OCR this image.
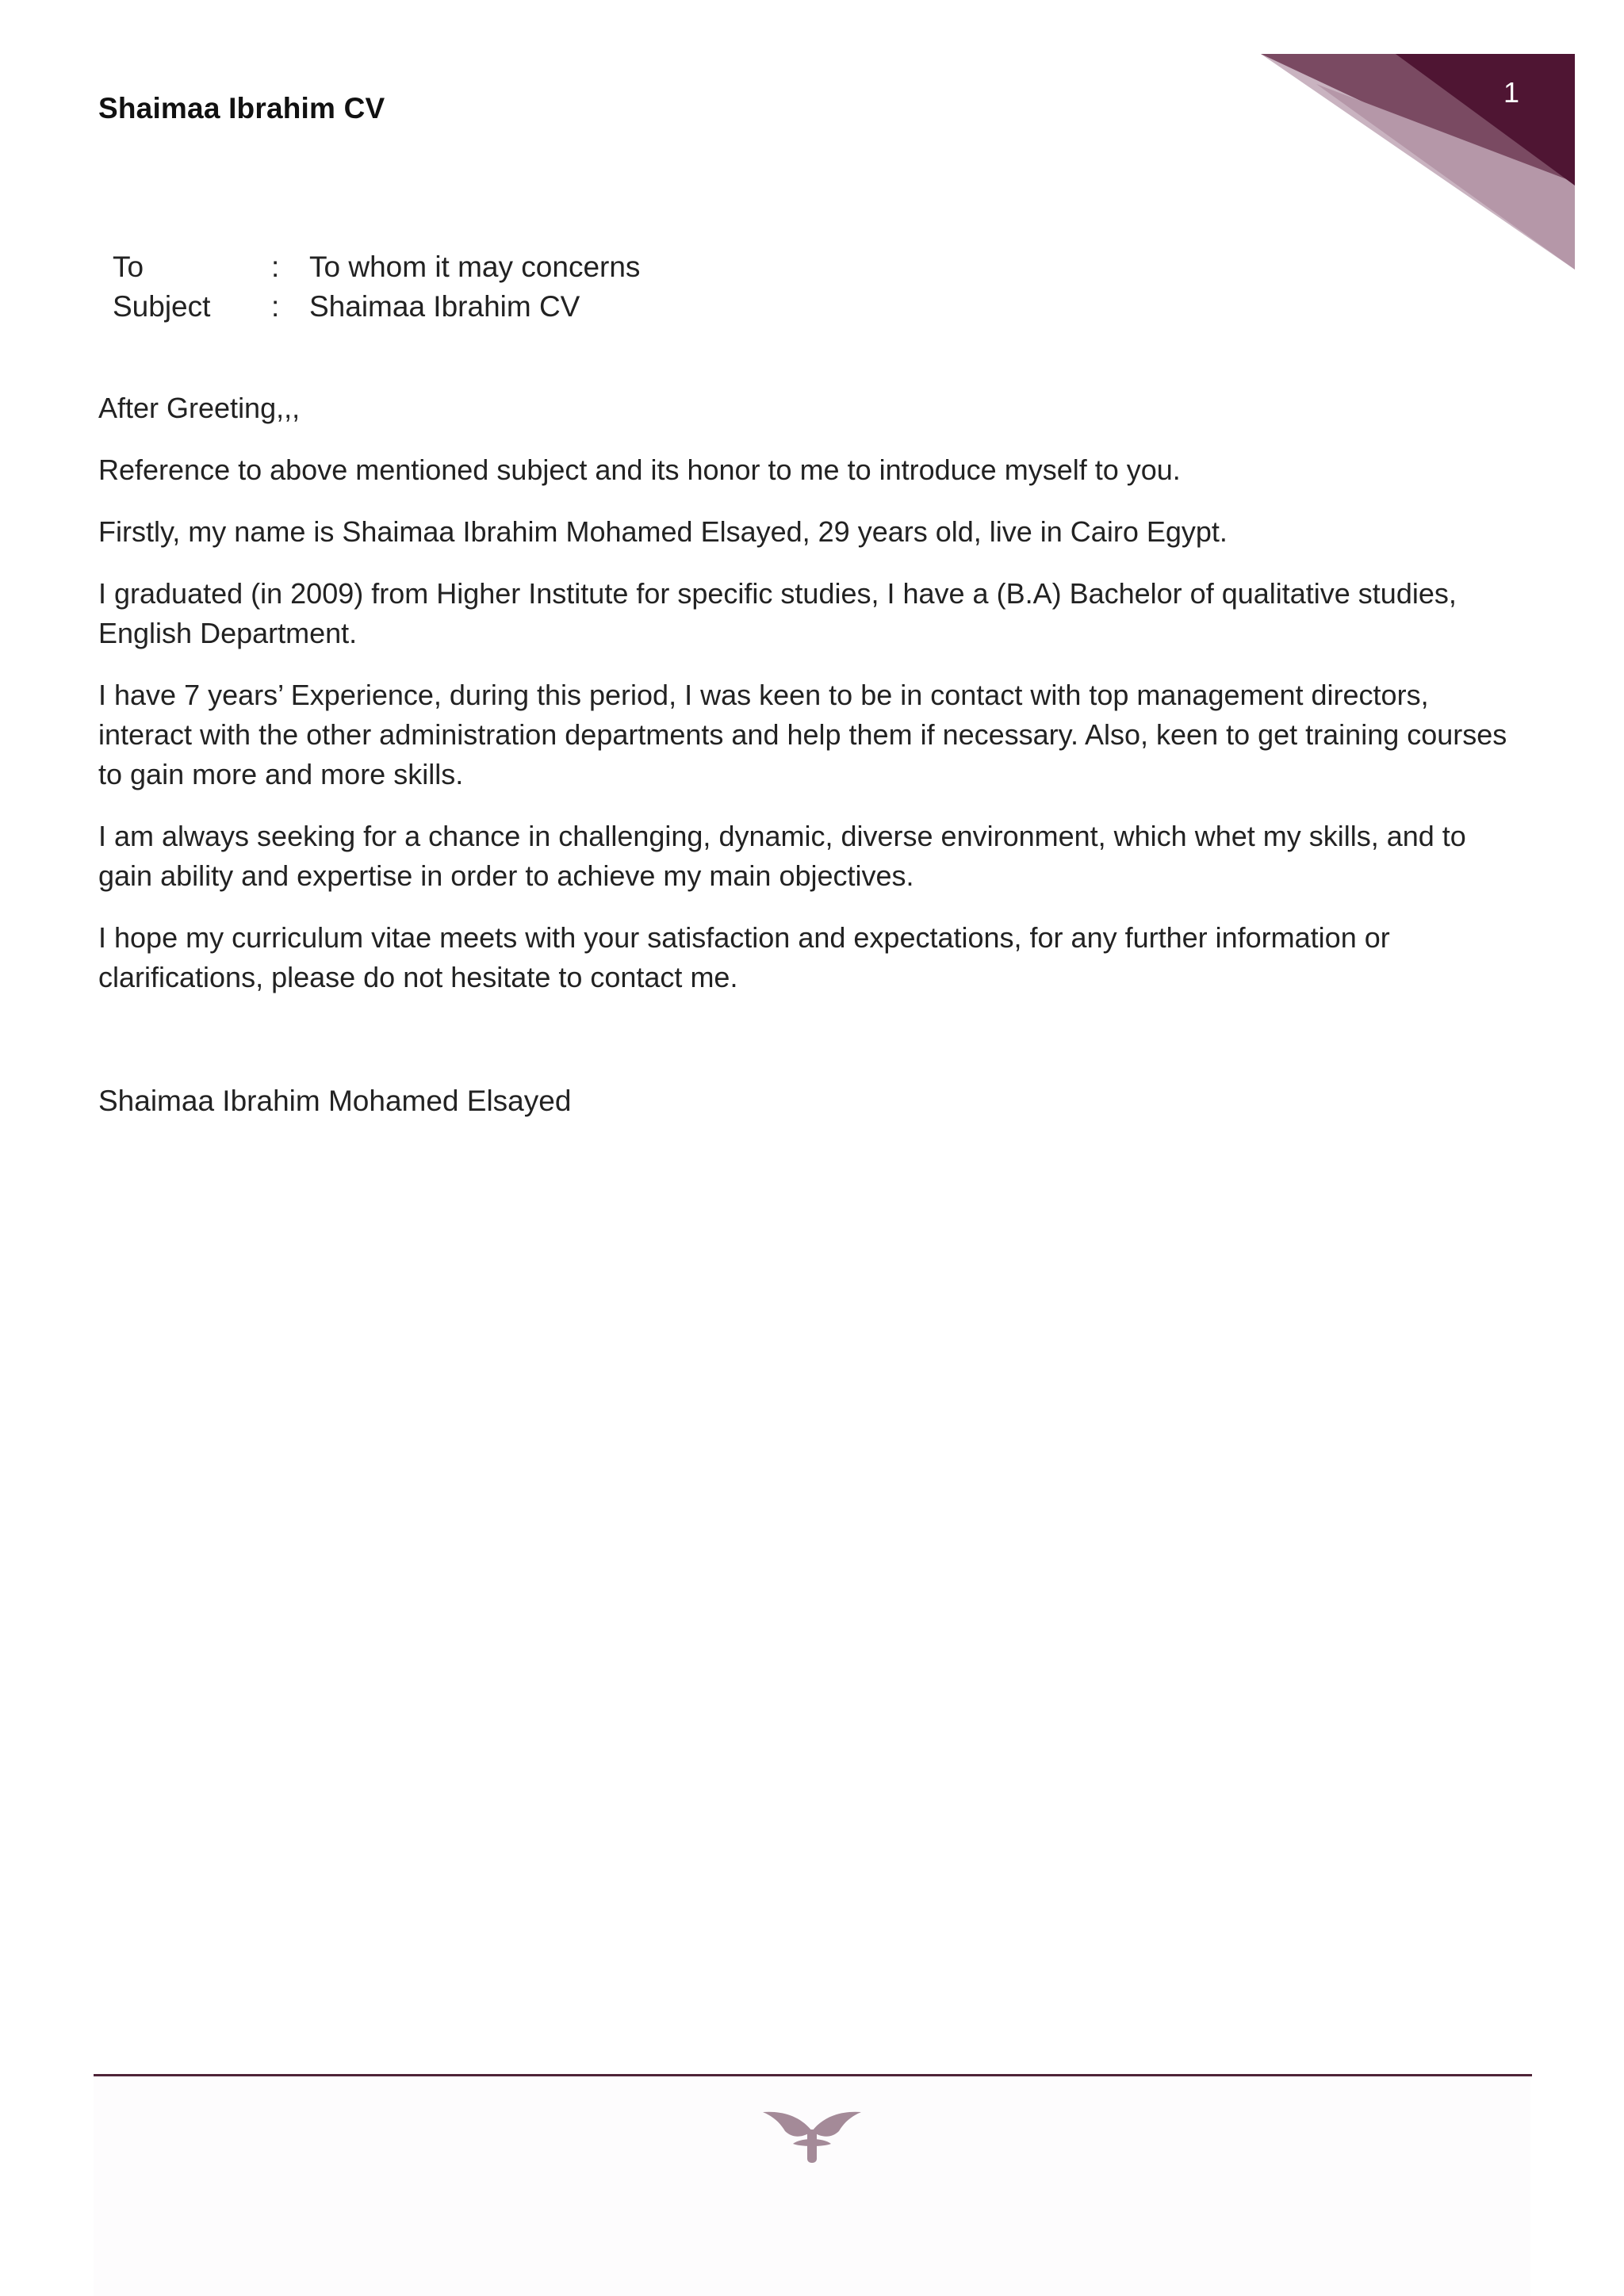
Shaimaa Ibrahim CV	1
To	:	To whom it may concerns
Subject	:	Shaimaa Ibrahim CV

After Greeting,,,

Reference to above mentioned subject and its honor to me to introduce myself to you.

Firstly, my name is Shaimaa Ibrahim Mohamed Elsayed, 29 years old, live in Cairo Egypt.

I graduated (in 2009) from Higher Institute for specific studies, I have a (B.A) Bachelor of qualitative studies, English Department.

I have 7 years’ Experience, during this period, I was keen to be in contact with top management directors, interact with the other administration departments and help them if necessary. Also, keen to get training courses to gain more and more skills.

I am always seeking for a chance in challenging, dynamic, diverse environment, which whet my skills, and to gain ability and expertise in order to achieve my main objectives.

I hope my curriculum vitae meets with your satisfaction and expectations, for any further information or clarifications, please do not hesitate to contact me.

Shaimaa Ibrahim Mohamed Elsayed
